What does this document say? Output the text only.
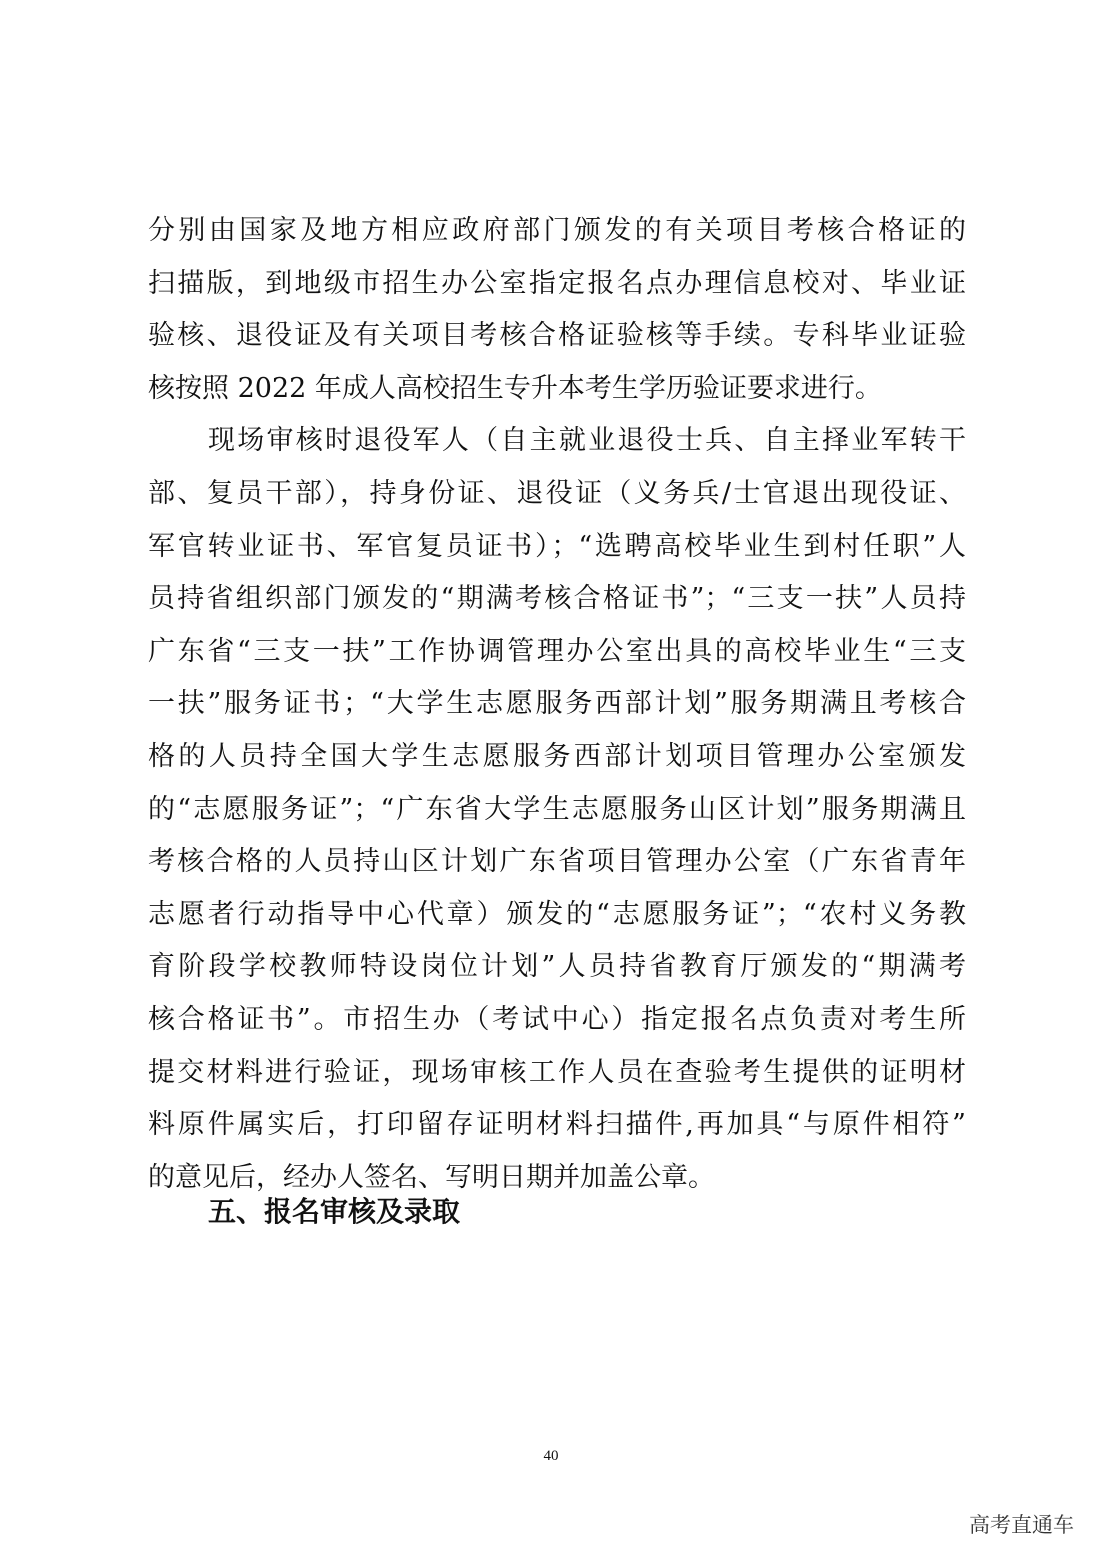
分别由国家及地方相应政府部门颁发的有关项目考核合格证的
扫描版，到地级市招生办公室指定报名点办理信息校对、毕业证
验核、退役证及有关项目考核合格证验核等手续。专科毕业证验
核按照 2022 年成人高校招生专升本考生学历验证要求进行。
现场审核时退役军人（自主就业退役士兵、自主择业军转干
部、复员干部），持身份证、退役证（义务兵/士官退出现役证、
军官转业证书、军官复员证书）；“选聘高校毕业生到村任职”人
员持省组织部门颁发的“期满考核合格证书”；“三支一扶”人员持
广东省“三支一扶”工作协调管理办公室出具的高校毕业生“三支
一扶”服务证书；“大学生志愿服务西部计划”服务期满且考核合
格的人员持全国大学生志愿服务西部计划项目管理办公室颁发
的“志愿服务证”；“广东省大学生志愿服务山区计划”服务期满且
考核合格的人员持山区计划广东省项目管理办公室（广东省青年
志愿者行动指导中心代章）颁发的“志愿服务证”；“农村义务教
育阶段学校教师特设岗位计划”人员持省教育厅颁发的“期满考
核合格证书”。市招生办（考试中心）指定报名点负责对考生所
提交材料进行验证，现场审核工作人员在查验考生提供的证明材
料原件属实后，打印留存证明材料扫描件,再加具“与原件相符”
的意见后，经办人签名、写明日期并加盖公章。
五、报名审核及录取
40
高考直通车
